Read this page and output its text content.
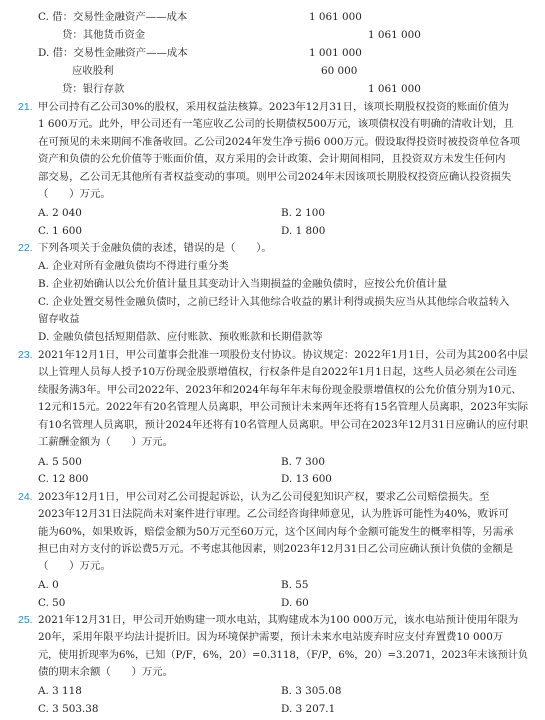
C. 借：交易性金融资产——成本	1 061 000
贷：其他货币资金	1 061 000
D. 借：交易性金融资产——成本	1 001 000
应收股利	60 000
贷：银行存款	1 061 000
21. 甲公司持有乙公司30%的股权，采用权益法核算。2023年12月31日，该项长期股权投资的账面价值为
1 600万元。此外，甲公司还有一笔应收乙公司的长期债权500万元，该项债权没有明确的清收计划，且
在可预见的未来期间不准备收回。乙公司2024年发生净亏损6 000万元。假设取得投资时被投资单位各项
资产和负债的公允价值等于账面价值，双方采用的会计政策、会计期间相同，且投资双方未发生任何内
部交易，乙公司无其他所有者权益变动的事项。则甲公司2024年末因该项长期股权投资应确认投资损失
（　　）万元。
A. 2 040	B. 2 100
C. 1 600	D. 1 800
22. 下列各项关于金融负债的表述，错误的是（　　）。
A. 企业对所有金融负债均不得进行重分类
B. 企业初始确认以公允价值计量且其变动计入当期损益的金融负债时，应按公允价值计量
C. 企业处置交易性金融负债时，之前已经计入其他综合收益的累计利得或损失应当从其他综合收益转入
留存收益
D. 金融负债包括短期借款、应付账款、预收账款和长期借款等
23. 2021年12月1日，甲公司董事会批准一项股份支付协议。协议规定：2022年1月1日，公司为其200名中层
以上管理人员每人授予10万份现金股票增值权，行权条件是自2022年1月1日起，这些人员必须在公司连
续服务满3年。甲公司2022年、2023年和2024年每年年末每份现金股票增值权的公允价值分别为10元、
12元和15元。2022年有20名管理人员离职，甲公司预计未来两年还将有15名管理人员离职，2023年实际
有10名管理人员离职，预计2024年还将有10名管理人员离职。甲公司在2023年12月31日应确认的应付职
工薪酬金额为（　　）万元。
A. 5 500	B. 7 300
C. 12 800	D. 13 600
24. 2023年12月1日，甲公司对乙公司提起诉讼，认为乙公司侵犯知识产权，要求乙公司赔偿损失。至
2023年12月31日法院尚未对案件进行审理。乙公司经咨询律师意见，认为胜诉可能性为40%，败诉可
能为60%，如果败诉，赔偿金额为50万元至60万元，这个区间内每个金额可能发生的概率相等，另需承
担已由对方支付的诉讼费5万元。不考虑其他因素，则2023年12月31日乙公司应确认预计负债的金额是
（　　）万元。
A. 0	B. 55
C. 50	D. 60
25. 2021年12月31日，甲公司开始购建一项水电站，其购建成本为100 000万元，该水电站预计使用年限为
20年，采用年限平均法计提折旧。因为环境保护需要，预计未来水电站废弃时应支付弃置费10 000万
元，使用折现率为6%，已知（P/F，6%，20）=0.3118，（F/P，6%，20）=3.2071，2023年末该预计负
债的期末余额（　　）万元。
A. 3 118	B. 3 305.08
C. 3 503.38	D. 3 207.1
